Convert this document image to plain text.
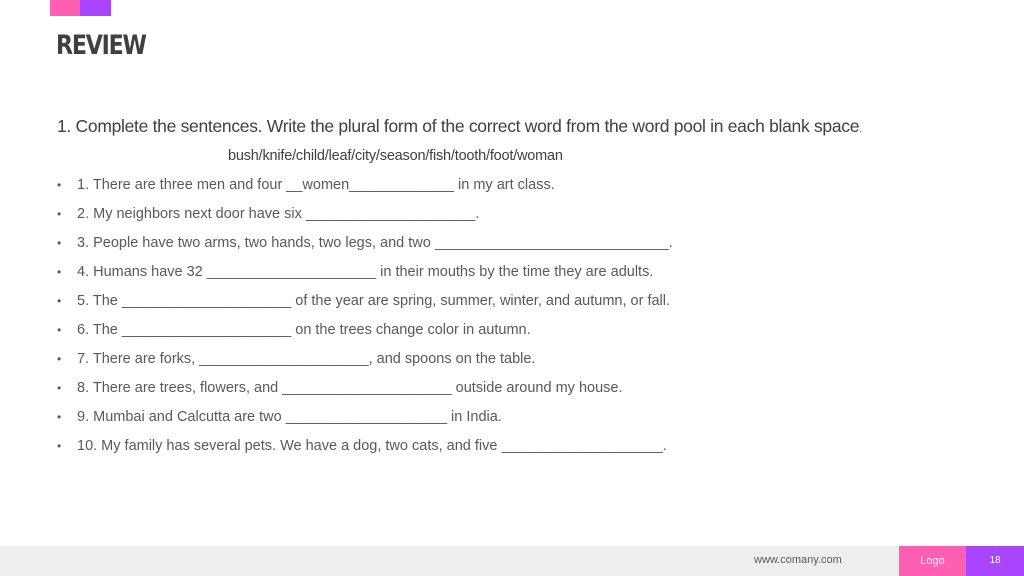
REVIEW
1. Complete the sentences. Write the plural form of the correct word from the word pool in each blank space.
bush/knife/child/leaf/city/season/fish/tooth/foot/woman
• 1. There are three men and four __women_____________ in my art class.
• 2. My neighbors next door have six _____________________.
• 3. People have two arms, two hands, two legs, and two _____________________________.
• 4. Humans have 32 _____________________ in their mouths by the time they are adults.
• 5. The _____________________ of the year are spring, summer, winter, and autumn, or fall.
• 6. The _____________________ on the trees change color in autumn.
• 7. There are forks, _____________________, and spoons on the table.
• 8. There are trees, flowers, and _____________________ outside around my house.
• 9. Mumbai and Calcutta are two ____________________ in India.
• 10. My family has several pets. We have a dog, two cats, and five ____________________.
www.comany.com	Logo	18
